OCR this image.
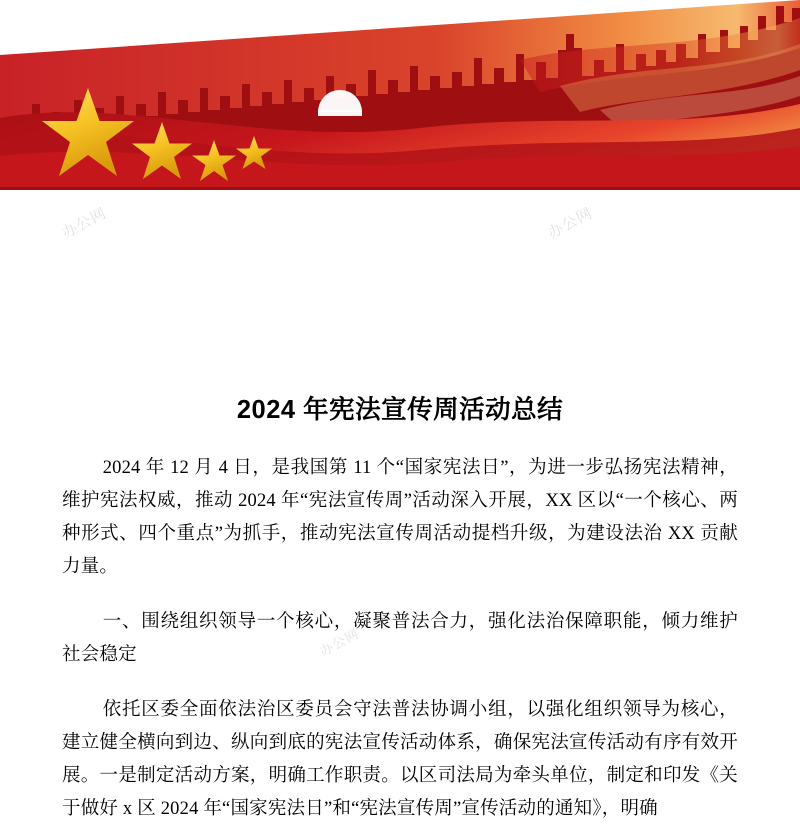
办公网	办公网
办公网
2024 年宪法宣传周活动总结

2024 年 12 月 4 日，是我国第 11 个“国家宪法日”，为进一步弘扬宪法精神，维护宪法权威，推动 2024 年“宪法宣传周”活动深入开展，XX 区以“一个核心、两种形式、四个重点”为抓手，推动宪法宣传周活动提档升级，为建设法治 XX 贡献力量。

一、围绕组织领导一个核心，凝聚普法合力，强化法治保障职能，倾力维护社会稳定

依托区委全面依法治区委员会守法普法协调小组，以强化组织领导为核心，建立健全横向到边、纵向到底的宪法宣传活动体系，确保宪法宣传活动有序有效开展。一是制定活动方案，明确工作职责。以区司法局为牵头单位，制定和印发《关于做好 x 区 2024 年“国家宪法日”和“宪法宣传周”宣传活动的通知》，明确
